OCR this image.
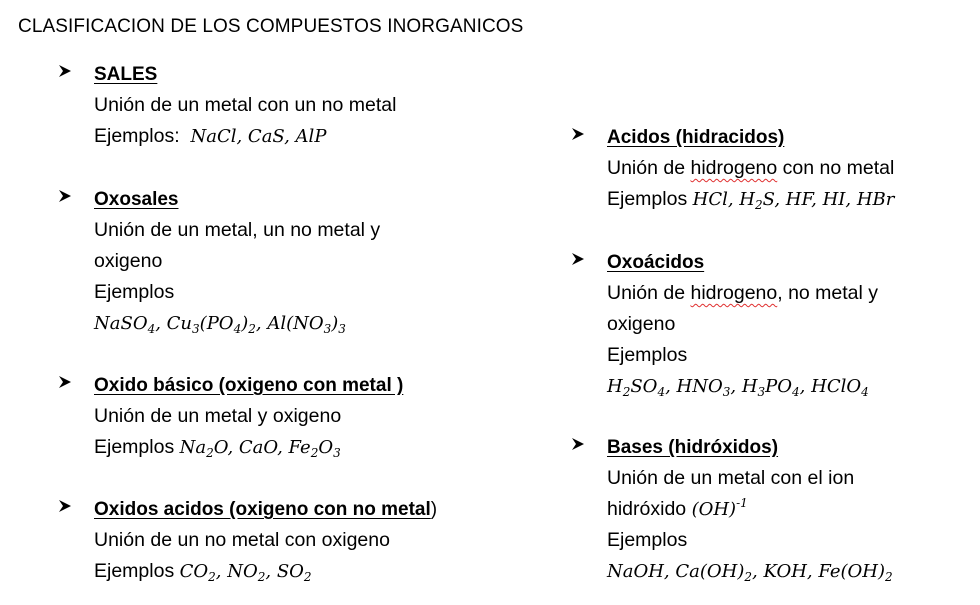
CLASIFICACION DE LOS COMPUESTOS INORGANICOS
SALES
Unión de un metal con un no metal
Ejemplos: NaCl, CaS, AlP
Oxosales
Unión de un metal, un no metal y
oxigeno
Ejemplos
NaSO$_4$, $Cu_3(PO_4)_2$, $Al(NO_3)_3$
Oxido básico (oxigeno con metal )
Unión de un metal y oxigeno
Ejemplos $Na_2O$, CaO, $Fe_2O_3$
Oxidos acidos (oxigeno con no metal)
Unión de un no metal con oxigeno
Ejemplos $CO_2$, $NO_2$, $SO_2$
Acidos (hidracidos)
Unión de hidrogeno con no metal
Ejemplos HCl, $H_2S$, HF, HI, HBr
Oxoácidos
Unión de hidrogeno, no metal y
oxigeno
Ejemplos
$H_2SO_4$, $HNO_3$, $H_3PO_4$, HClO$_4$
Bases (hidróxidos)
Unión de un metal con el ion
hidróxido (OH)$^{-1}$
Ejemplos
NaOH, $Ca(OH)_2$, KOH, $Fe(OH)_2$
